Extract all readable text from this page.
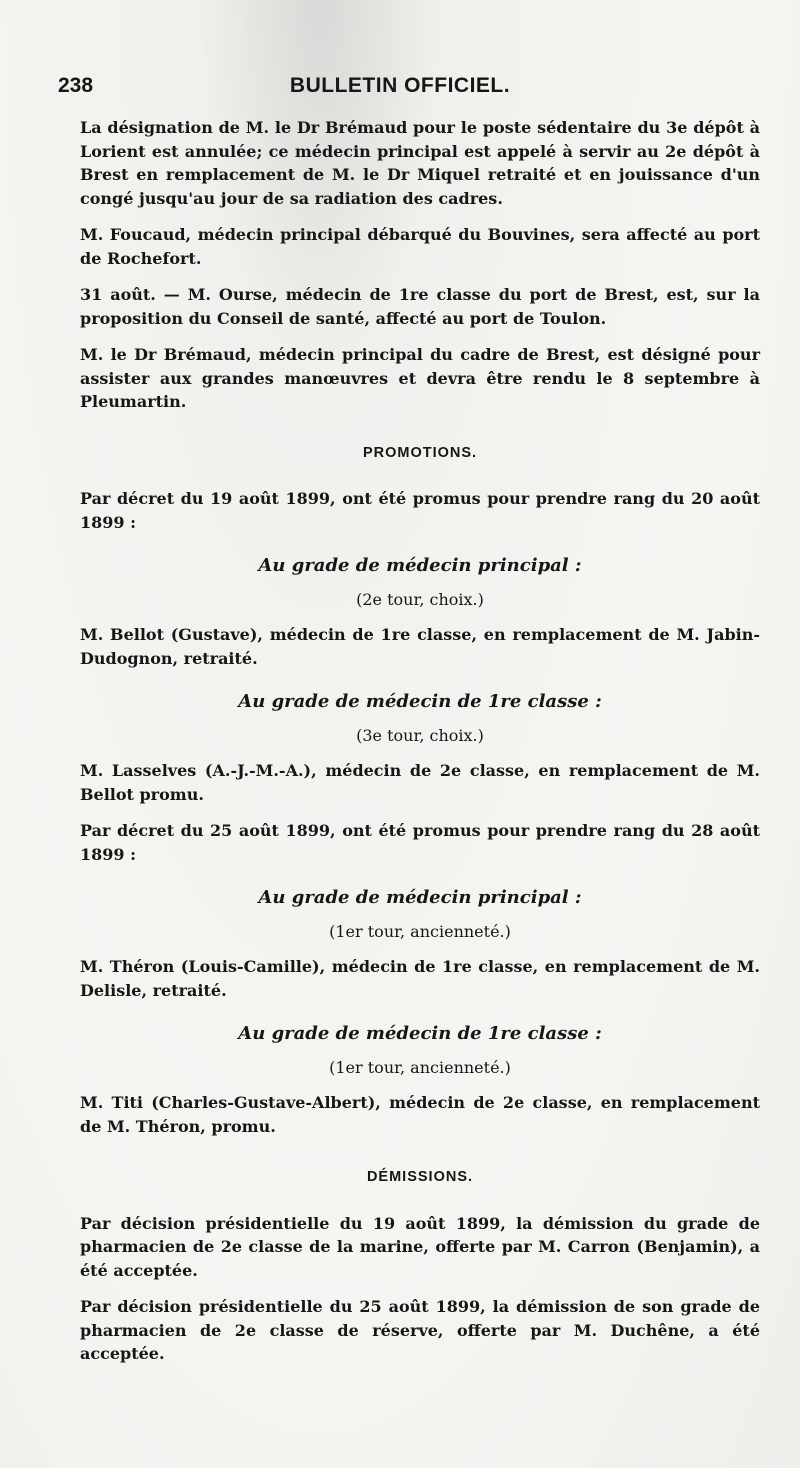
238	BULLETIN OFFICIEL.

La désignation de M. le Dr Brémaud pour le poste sédentaire du 3e dépôt à Lorient est annulée; ce médecin principal est appelé à servir au 2e dépôt à Brest en remplacement de M. le Dr Miquel retraité et en jouissance d'un congé jusqu'au jour de sa radiation des cadres.

M. Foucaud, médecin principal débarqué du Bouvines, sera affecté au port de Rochefort.

31 août. — M. Ourse, médecin de 1re classe du port de Brest, est, sur la proposition du Conseil de santé, affecté au port de Toulon.

M. le Dr Brémaud, médecin principal du cadre de Brest, est désigné pour assister aux grandes manœuvres et devra être rendu le 8 septembre à Pleumartin.

PROMOTIONS.

Par décret du 19 août 1899, ont été promus pour prendre rang du 20 août 1899 :

Au grade de médecin principal :
(2e tour, choix.)

M. Bellot (Gustave), médecin de 1re classe, en remplacement de M. Jabin-Dudognon, retraité.

Au grade de médecin de 1re classe :
(3e tour, choix.)

M. Lasselves (A.-J.-M.-A.), médecin de 2e classe, en remplacement de M. Bellot promu.

Par décret du 25 août 1899, ont été promus pour prendre rang du 28 août 1899 :

Au grade de médecin principal :
(1er tour, ancienneté.)

M. Théron (Louis-Camille), médecin de 1re classe, en remplacement de M. Delisle, retraité.

Au grade de médecin de 1re classe :
(1er tour, ancienneté.)

M. Titi (Charles-Gustave-Albert), médecin de 2e classe, en remplacement de M. Théron, promu.

DÉMISSIONS.

Par décision présidentielle du 19 août 1899, la démission du grade de pharmacien de 2e classe de la marine, offerte par M. Carron (Benjamin), a été acceptée.

Par décision présidentielle du 25 août 1899, la démission de son grade de pharmacien de 2e classe de réserve, offerte par M. Duchêne, a été acceptée.
